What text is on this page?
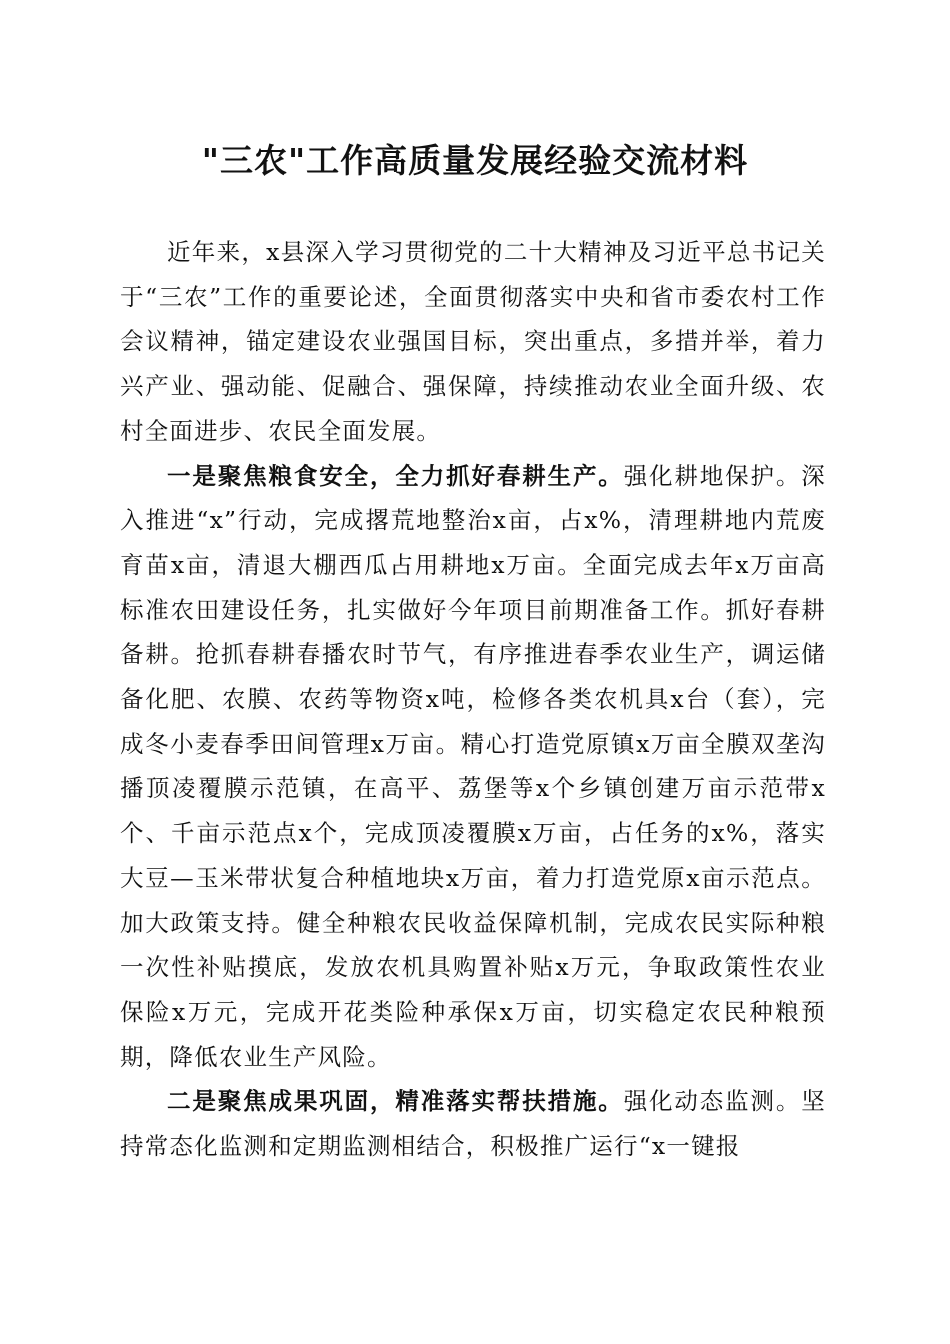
"三农"工作高质量发展经验交流材料

近年来，x县深入学习贯彻党的二十大精神及习近平总书记关于“三农”工作的重要论述，全面贯彻落实中央和省市委农村工作会议精神，锚定建设农业强国目标，突出重点，多措并举，着力兴产业、强动能、促融合、强保障，持续推动农业全面升级、农村全面进步、农民全面发展。

一是聚焦粮食安全，全力抓好春耕生产。强化耕地保护。深入推进“x”行动，完成撂荒地整治x亩，占x%，清理耕地内荒废育苗x亩，清退大棚西瓜占用耕地x万亩。全面完成去年x万亩高标准农田建设任务，扎实做好今年项目前期准备工作。抓好春耕备耕。抢抓春耕春播农时节气，有序推进春季农业生产，调运储备化肥、农膜、农药等物资x吨，检修各类农机具x台（套），完成冬小麦春季田间管理x万亩。精心打造党原镇x万亩全膜双垄沟播顶凌覆膜示范镇，在高平、荔堡等x个乡镇创建万亩示范带x个、千亩示范点x个，完成顶凌覆膜x万亩，占任务的x%，落实大豆—玉米带状复合种植地块x万亩，着力打造党原x亩示范点。加大政策支持。健全种粮农民收益保障机制，完成农民实际种粮一次性补贴摸底，发放农机具购置补贴x万元，争取政策性农业保险x万元，完成开花类险种承保x万亩，切实稳定农民种粮预期，降低农业生产风险。

二是聚焦成果巩固，精准落实帮扶措施。强化动态监测。坚持常态化监测和定期监测相结合，积极推广运行“x一键报
